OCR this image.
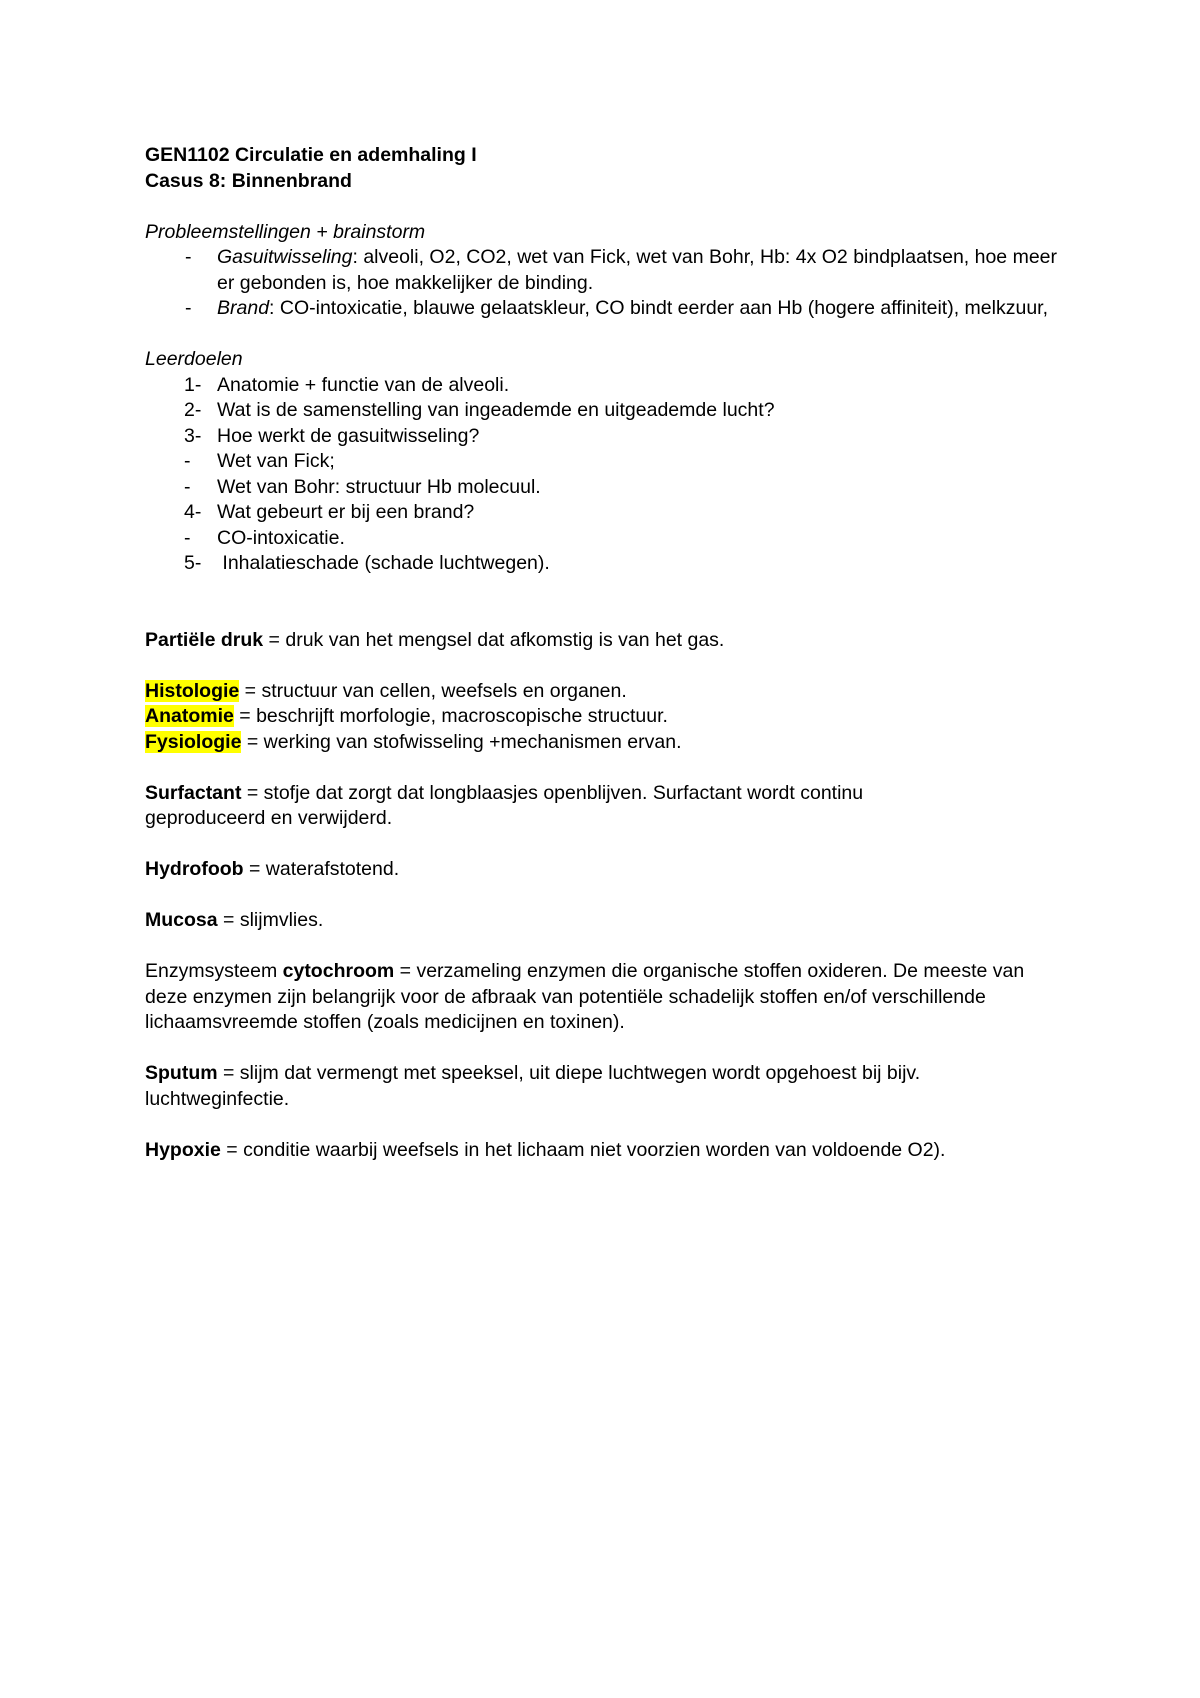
GEN1102 Circulatie en ademhaling I

Casus 8: Binnenbrand

Probleemstellingen + brainstorm

-	Gasuitwisseling: alveoli, O2, CO2, wet van Fick, wet van Bohr, Hb: 4x O2 bindplaatsen, hoe meer er gebonden is, hoe makkelijker de binding.
-	Brand: CO-intoxicatie, blauwe gelaatskleur, CO bindt eerder aan Hb (hogere affiniteit), melkzuur,

Leerdoelen

1- Anatomie + functie van de alveoli.
2- Wat is de samenstelling van ingeademde en uitgeademde lucht?
3- Hoe werkt de gasuitwisseling?
-	Wet van Fick;
-	Wet van Bohr: structuur Hb molecuul.
4- Wat gebeurt er bij een brand?
-	CO-intoxicatie.
5- Inhalatieschade (schade luchtwegen).

Partiële druk = druk van het mengsel dat afkomstig is van het gas.

Histologie = structuur van cellen, weefsels en organen.

Anatomie = beschrijft morfologie, macroscopische structuur.

Fysiologie = werking van stofwisseling +mechanismen ervan.

Surfactant = stofje dat zorgt dat longblaasjes openblijven. Surfactant wordt continu geproduceerd en verwijderd.

Hydrofoob = waterafstotend.

Mucosa = slijmvlies.

Enzymsysteem cytochroom = verzameling enzymen die organische stoffen oxideren. De meeste van deze enzymen zijn belangrijk voor de afbraak van potentiële schadelijk stoffen en/of verschillende lichaamsvreemde stoffen (zoals medicijnen en toxinen).

Sputum = slijm dat vermengt met speeksel, uit diepe luchtwegen wordt opgehoest bij bijv. luchtweginfectie.

Hypoxie = conditie waarbij weefsels in het lichaam niet voorzien worden van voldoende O2).
